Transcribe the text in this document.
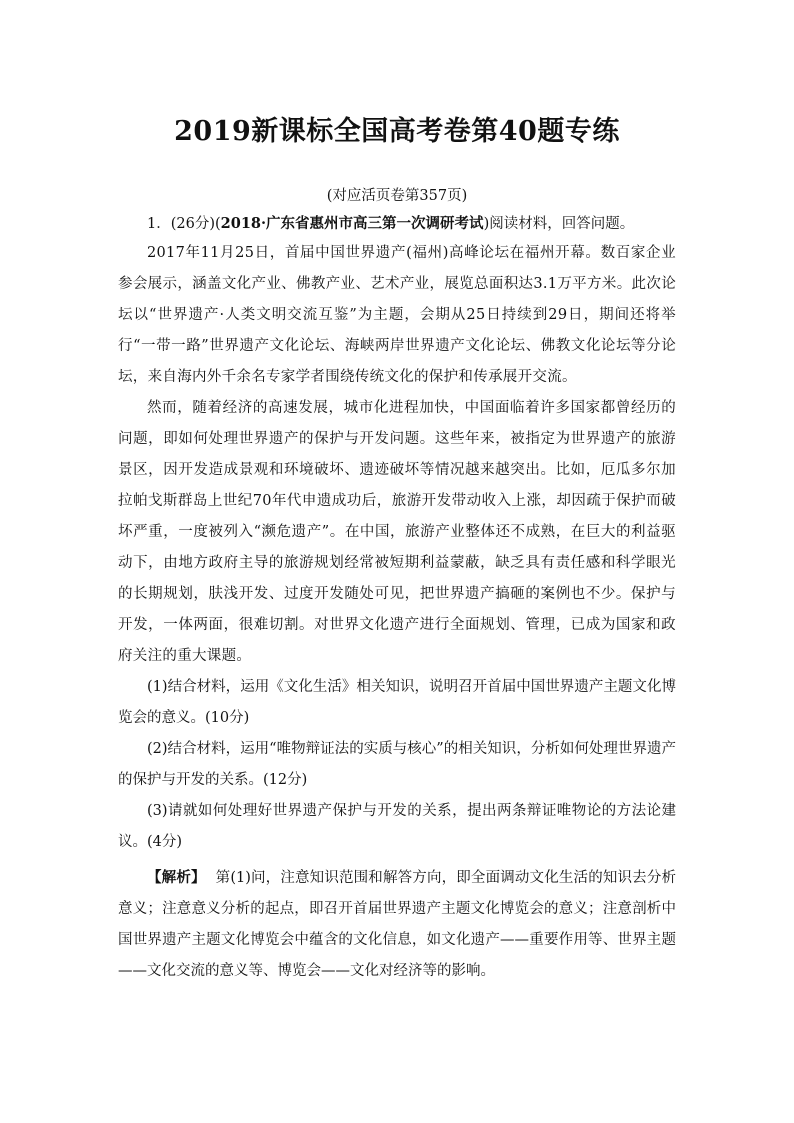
2019新课标全国高考卷第40题专练

(对应活页卷第357页)

1．(26分)(2018·广东省惠州市高三第一次调研考试)阅读材料，回答问题。

2017年11月25日，首届中国世界遗产(福州)高峰论坛在福州开幕。数百家企业参会展示，涵盖文化产业、佛教产业、艺术产业，展览总面积达3.1万平方米。此次论坛以“世界遗产·人类文明交流互鉴”为主题，会期从25日持续到29日，期间还将举行“一带一路”世界遗产文化论坛、海峡两岸世界遗产文化论坛、佛教文化论坛等分论坛，来自海内外千余名专家学者围绕传统文化的保护和传承展开交流。

然而，随着经济的高速发展，城市化进程加快，中国面临着许多国家都曾经历的问题，即如何处理世界遗产的保护与开发问题。这些年来，被指定为世界遗产的旅游景区，因开发造成景观和环境破坏、遗迹破坏等情况越来越突出。比如，厄瓜多尔加拉帕戈斯群岛上世纪70年代申遗成功后，旅游开发带动收入上涨，却因疏于保护而破坏严重，一度被列入“濒危遗产”。在中国，旅游产业整体还不成熟，在巨大的利益驱动下，由地方政府主导的旅游规划经常被短期利益蒙蔽，缺乏具有责任感和科学眼光的长期规划，肤浅开发、过度开发随处可见，把世界遗产搞砸的案例也不少。保护与开发，一体两面，很难切割。对世界文化遗产进行全面规划、管理，已成为国家和政府关注的重大课题。

(1)结合材料，运用《文化生活》相关知识，说明召开首届中国世界遗产主题文化博览会的意义。(10分)

(2)结合材料，运用“唯物辩证法的实质与核心”的相关知识，分析如何处理世界遗产的保护与开发的关系。(12分)

(3)请就如何处理好世界遗产保护与开发的关系，提出两条辩证唯物论的方法论建议。(4分)

【解析】 第(1)问，注意知识范围和解答方向，即全面调动文化生活的知识去分析意义；注意意义分析的起点，即召开首届世界遗产主题文化博览会的意义；注意剖析中国世界遗产主题文化博览会中蕴含的文化信息，如文化遗产——重要作用等、世界主题——文化交流的意义等、博览会——文化对经济等的影响。
